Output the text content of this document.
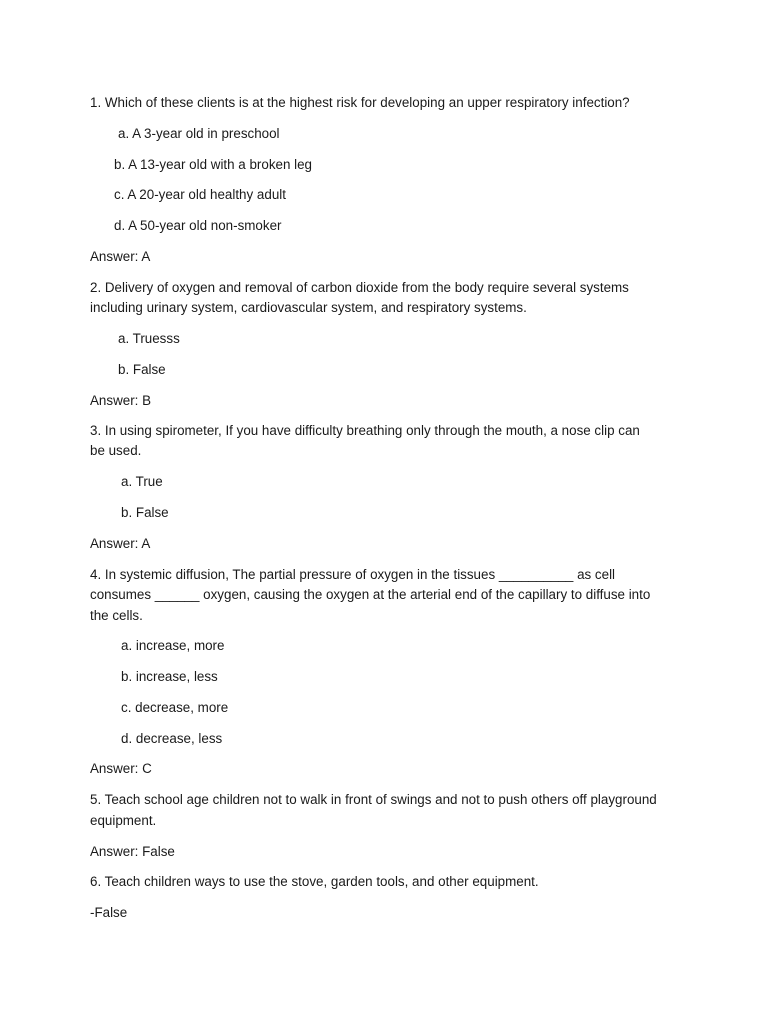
1. Which of these clients is at the highest risk for developing an upper respiratory infection?
a. A 3-year old in preschool
b. A 13-year old with a broken leg
c. A 20-year old healthy adult
d. A 50-year old non-smoker
Answer: A
2. Delivery of oxygen and removal of carbon dioxide from the body require several systems
including urinary system, cardiovascular system, and respiratory systems.
a. Truesss
b. False
Answer: B
3. In using spirometer, If you have difficulty breathing only through the mouth, a nose clip can
be used.
a. True
b. False
Answer: A
4. In systemic diffusion, The partial pressure of oxygen in the tissues __________ as cell
consumes ______ oxygen, causing the oxygen at the arterial end of the capillary to diffuse into
the cells.
a. increase, more
b. increase, less
c. decrease, more
d. decrease, less
Answer: C
5. Teach school age children not to walk in front of swings and not to push others off playground
equipment.
Answer: False
6. Teach children ways to use the stove, garden tools, and other equipment.
-False
